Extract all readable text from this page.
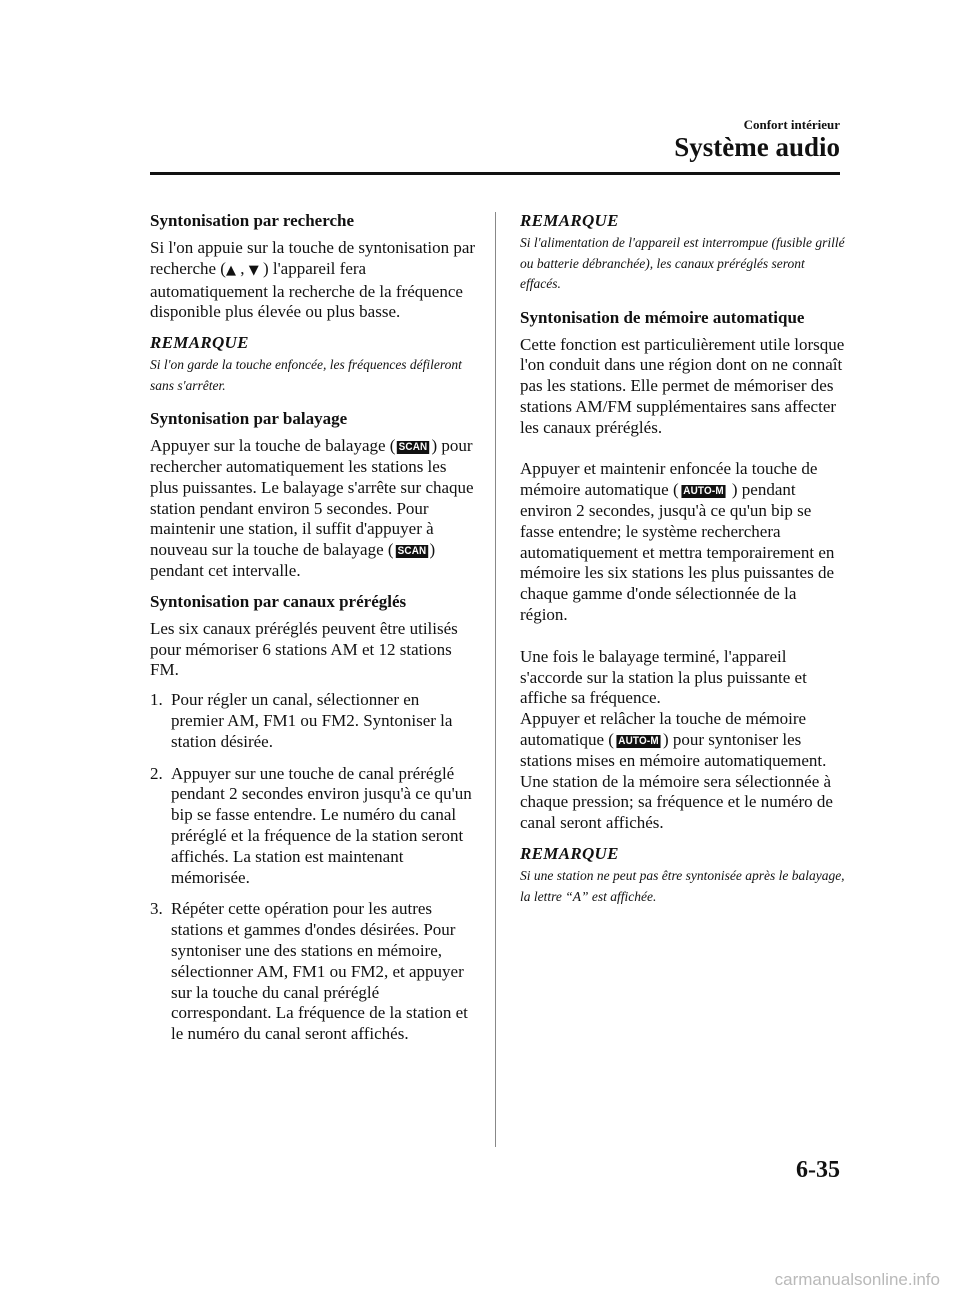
Confort intérieur
Système audio
Syntonisation par recherche

Si l'on appuie sur la touche de syntonisation par recherche (▲ , ▼ ) l'appareil fera automatiquement la recherche de la fréquence disponible plus élevée ou plus basse.

REMARQUE

Si l'on garde la touche enfoncée, les fréquences défileront sans s'arrêter.

Syntonisation par balayage

Appuyer sur la touche de balayage ( SCAN ) pour rechercher automatiquement les stations les plus puissantes. Le balayage s'arrête sur chaque station pendant environ 5 secondes. Pour maintenir une station, il suffit d'appuyer à nouveau sur la touche de balayage ( SCAN ) pendant cet intervalle.

Syntonisation par canaux préréglés

Les six canaux préréglés peuvent être utilisés pour mémoriser 6 stations AM et 12 stations FM.

1. Pour régler un canal, sélectionner en premier AM, FM1 ou FM2. Syntoniser la station désirée.
2. Appuyer sur une touche de canal préréglé pendant 2 secondes environ jusqu'à ce qu'un bip se fasse entendre. Le numéro du canal préréglé et la fréquence de la station seront affichés. La station est maintenant mémorisée.
3. Répéter cette opération pour les autres stations et gammes d'ondes désirées. Pour syntoniser une des stations en mémoire, sélectionner AM, FM1 ou FM2, et appuyer sur la touche du canal préréglé correspondant. La fréquence de la station et le numéro du canal seront affichés.
REMARQUE

Si l'alimentation de l'appareil est interrompue (fusible grillé ou batterie débranchée), les canaux préréglés seront effacés.

Syntonisation de mémoire automatique

Cette fonction est particulièrement utile lorsque l'on conduit dans une région dont on ne connaît pas les stations. Elle permet de mémoriser des stations AM/FM supplémentaires sans affecter les canaux préréglés.

Appuyer et maintenir enfoncée la touche de mémoire automatique ( AUTO-M ) pendant environ 2 secondes, jusqu'à ce qu'un bip se fasse entendre; le système recherchera automatiquement et mettra temporairement en mémoire les six stations les plus puissantes de chaque gamme d'onde sélectionnée de la région.

Une fois le balayage terminé, l'appareil s'accorde sur la station la plus puissante et affiche sa fréquence.

Appuyer et relâcher la touche de mémoire automatique ( AUTO-M ) pour syntoniser les stations mises en mémoire automatiquement. Une station de la mémoire sera sélectionnée à chaque pression; sa fréquence et le numéro de canal seront affichés.

REMARQUE

Si une station ne peut pas être syntonisée après le balayage, la lettre “A” est affichée.

6-35
carmanualsonline.info
